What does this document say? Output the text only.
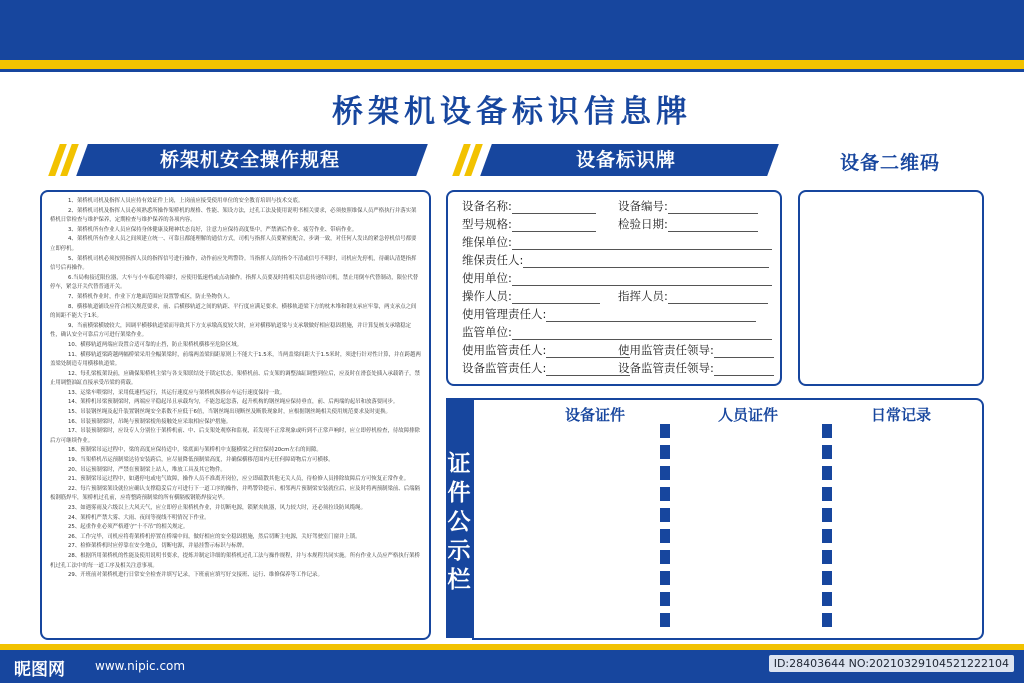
桥架机设备标识信息牌
桥架机安全操作规程	设备标识牌	设备二维码
1、架桥机司机及指挥人员应持有效证件上岗，上岗前应接受使用单位的安全教育培训与技术交底。
2、架桥机司机及指挥人员必须熟悉所操作架桥机的规格、性能、架设方法，过孔工法及使用说明书相关要求，必须按照维保人员严格执行并落实架桥机日常检查与维护保养，定期检查与维护保养的各项内容。
3、架桥机所有作业人员应保持身体健康及精神状态良好，注意力应保持高度集中，严禁酒后作业、疲劳作业、带病作业。
4、架桥机所有作业人员之间须建立统一、可靠且都能理解的通信方式，司机与指挥人员要紧密配合，步调一致，对任何人发出的紧急停机信号都要立即停机。
5、架桥机司机必须按照指挥人员的指挥信号进行操作，动作前应先鸣警铃。当指挥人员的指令不清或信号不明时，司机应先停机，待确认清楚指挥信号后再操作。
6.当局构接近限位器，大车与小车临近终端时，应使用低速档或点动操作。指挥人员要及时将相关信息传递给司机，禁止用倒车代替制动，限位代替停车，紧急开关代替普通开关。
7、架桥机作业时，作业下方地面范围应设置警戒区，防止坠物伤人。
8、横移轨道铺设应符合相关规范要求，前、后横移轨道之间的轨距、平行度应满足要求。横移轨道梁下方的枕木堆和钢支承应牢靠，两支承点之间的间距不能大于1米。
9、当前横梁横坡较大，因调平横移轨道梁而导致其下方支承墩高度较大时，应对横移轨道梁与支承墩做好相应稳固措施，并计算复核支承墩稳定性，确认安全可靠后方可进行架梁作业。
10、横移轨道两端应设置合适可靠的止挡，防止架桥机横移至危险区域。
11、横移轨道梁跨越两幅桥梁采用全幅架梁时，前端两盖梁间距原则上不能大于1.5米，当两盖梁间距大于1.5米时，须进行针对性计算，并在跨越两盖梁处制造专用横移轨道梁。
12、每孔梁板架设前，应确保架桥机主梁与各支架联结处于锁定状态，架桥机前、后支架的调整油缸调整到位后，应及时在滑套处插入承载销子，禁止用调整油缸直接承受吊梁的荷载。
13、运梁车喂梁时，采用低速档运行，其运行速度应与架桥机纵移台车运行速度保持一致。
14、架桥机吊梁预制梁时，两端应平稳起吊且承载均匀，不能忽起忽落，起升机构的钢丝绳应保持垂直，前、后两端的起吊和放落要同步。
15、吊装钢丝绳及起升装置钢丝绳安全系数不应低于6倍，当钢丝绳出现断丝及断股现象时，应根据钢丝绳相关使用规范要求及时更换。
16、吊装预制梁时，吊绳与预制梁棱角接触处应采取相应保护措施。
17、吊装预制梁时，应设专人分别位于架桥机前、中、后支架处观察和监视，若发现不正常现象或听到不正常声响时，应立即停机检查，待故障排除后方可继续作业。
18、预制梁吊运过程中，梁的高度应保持适中，梁底面与架桥机中支腿横梁之间宜保持20cm左右的间隙。
19、当架桥机吊运预制梁达待安装跨后，应尽量降低预制梁高度，并确保横移范围内无任何障碍物后方可横移。
20、吊运预制梁时，严禁在预制梁上站人，堆放工具及其它物件。
21、预制梁吊运过程中，如遇停电或电气故障，操作人员不准离开岗位，应立即疏散其他无关人员，待检修人员排除故障后方可恢复正常作业。
22、每片预制梁架设就位应确认支撑稳妥后方可进行下一道工序的操作，并鸣警铃提示，相邻两片预制梁安装就位后，应及时将两预制梁前、后端隔板钢筋焊牢，架桥机过孔前，应将整跨预制梁的所有横隔板钢筋焊接完毕。
23、如遇雾雨及六级以上大风天气，应立即停止架桥机作业，并切断电源，锁紧夹轨器，风力较大时，还必须拉设防风缆绳。
24、架桥机严禁大雾、大雨、夜间等视线不明情况下作业。
25、起重作业必须严格遵守“十不吊”的相关规定。
26、工作完毕，司机应将将架桥机停置在桥端中间，做好相应的安全稳固措施，然后切断主电源，关好驾驶室门窗并上锁。
27、检修架桥机时应停靠在安全地点，切断电源，并悬挂警示标识与标牌。
28、根据所用架桥机的性能及使用说明书要求，提炼并制定详细的架桥机过孔工法与操作规程，并与本规程共同实施。所有作业人员应严格执行架桥机过孔工法中的每一道工序及相关注意事项。
29、开班前对架桥机进行日常安全检查并填写记录，下班前应填写好交接班、运行、维修保养等工作记录。
设备名称:	设备编号:
型号规格:	检验日期:
维保单位:
维保责任人:
使用单位:
操作人员:	指挥人员:
使用管理责任人:
监管单位:
使用监管责任人:	使用监管责任领导:
设备监管责任人:	设备监管责任领导:
证件公示栏
设备证件	人员证件	日常记录
昵图网	www.nipic.com	ID:28403644 NO:20210329104521222104
